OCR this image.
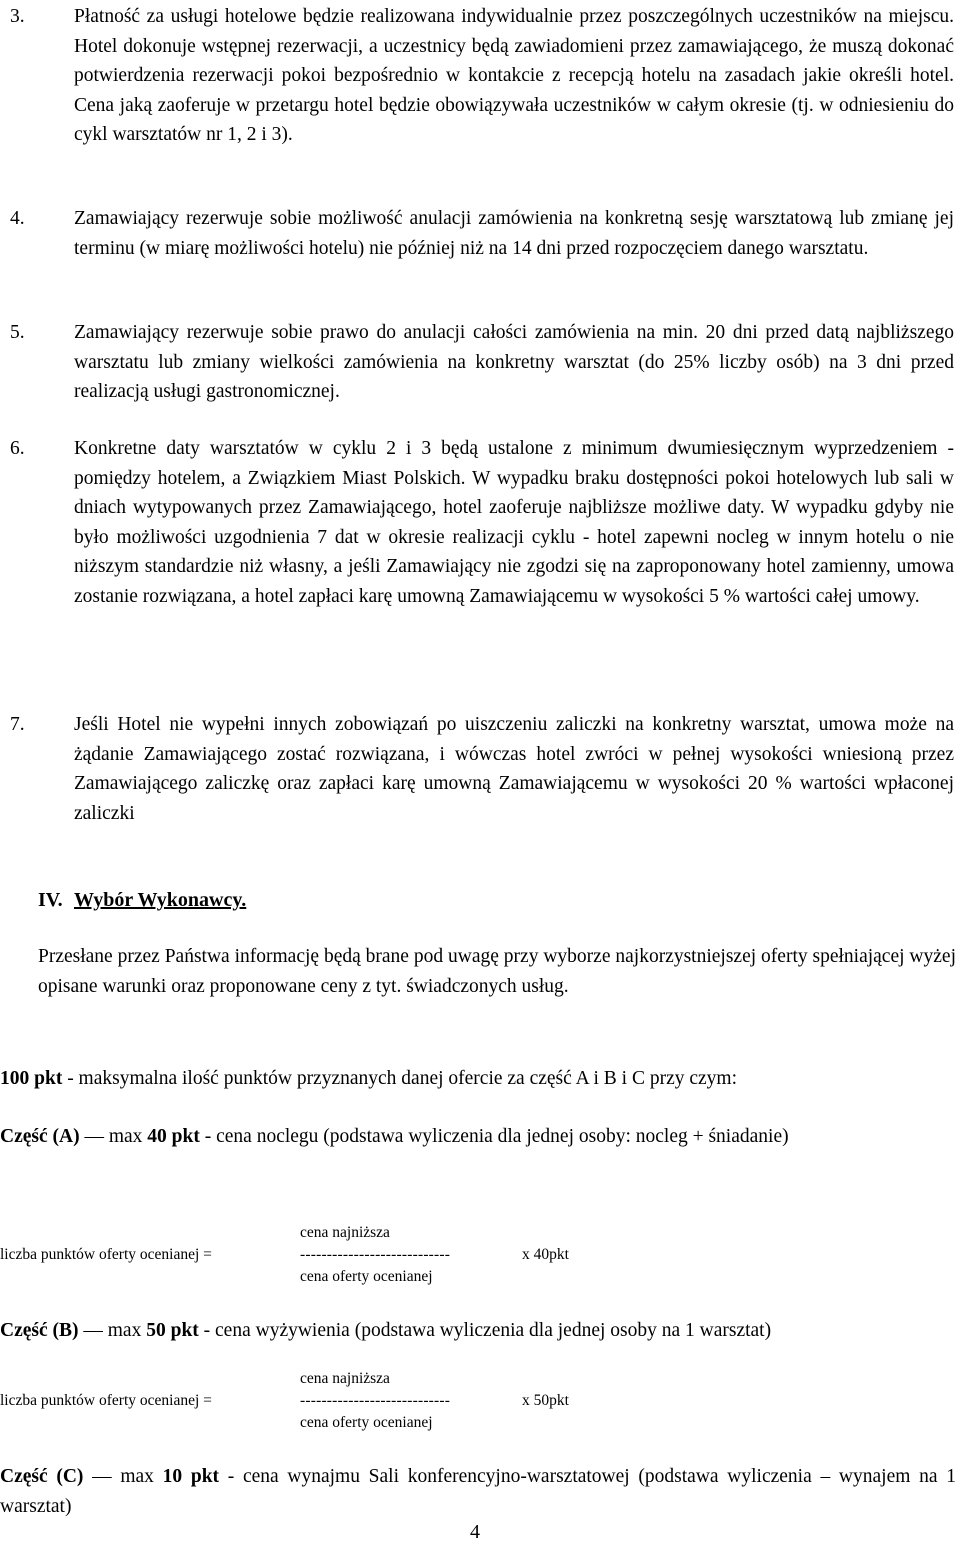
3.	Płatność za usługi hotelowe będzie realizowana indywidualnie przez poszczególnych uczestników na miejscu. Hotel dokonuje wstępnej rezerwacji, a uczestnicy będą zawiadomieni przez zamawiającego, że muszą dokonać potwierdzenia rezerwacji pokoi bezpośrednio w kontakcie z recepcją hotelu na zasadach jakie określi hotel. Cena jaką zaoferuje w przetargu hotel będzie obowiązywała uczestników w całym okresie (tj. w odniesieniu do cykl warsztatów nr 1, 2 i 3).
4.	Zamawiający rezerwuje sobie możliwość anulacji zamówienia na konkretną sesję warsztatową lub zmianę jej terminu (w miarę możliwości hotelu) nie później niż na 14 dni przed rozpoczęciem danego warsztatu.
5.	Zamawiający rezerwuje sobie prawo do anulacji całości zamówienia na min. 20 dni przed datą najbliższego warsztatu lub zmiany wielkości zamówienia na konkretny warsztat (do 25% liczby osób) na 3 dni przed realizacją usługi gastronomicznej.
6.	Konkretne daty warsztatów w cyklu 2 i 3 będą ustalone z minimum dwumiesięcznym wyprzedzeniem - pomiędzy hotelem, a Związkiem Miast Polskich. W wypadku braku dostępności pokoi hotelowych lub sali w dniach wytypowanych przez Zamawiającego, hotel zaoferuje najbliższe możliwe daty. W wypadku gdyby nie było możliwości uzgodnienia 7 dat w okresie realizacji cyklu - hotel zapewni nocleg w innym hotelu o nie niższym standardzie niż własny, a jeśli Zamawiający nie zgodzi się na zaproponowany hotel zamienny, umowa zostanie rozwiązana, a hotel zapłaci karę umowną Zamawiającemu w wysokości 5 % wartości całej umowy.
7.	Jeśli Hotel nie wypełni innych zobowiązań po uiszczeniu zaliczki na konkretny warsztat, umowa może na żądanie Zamawiającego zostać rozwiązana, i wówczas hotel zwróci w pełnej wysokości wniesioną przez Zamawiającego zaliczkę oraz zapłaci karę umowną Zamawiającemu w wysokości 20 % wartości wpłaconej zaliczki
IV. Wybór Wykonawcy.
Przesłane przez Państwa informację będą brane pod uwagę przy wyborze najkorzystniejszej oferty spełniającej wyżej opisane warunki oraz proponowane ceny z tyt. świadczonych usług.
100 pkt - maksymalna ilość punktów przyznanych danej ofercie za część A i B i C przy czym:
Część (A) — max 40 pkt - cena noclegu (podstawa wyliczenia dla jednej osoby: nocleg + śniadanie)
liczba punktów oferty ocenianej =
cena najniższa
----------------------------
cena oferty ocenianej
x 40pkt
Część (B) — max 50 pkt - cena wyżywienia (podstawa wyliczenia dla jednej osoby na 1 warsztat)
liczba punktów oferty ocenianej =
cena najniższa
----------------------------
cena oferty ocenianej
x 50pkt
Część (C) — max 10 pkt - cena wynajmu Sali konferencyjno-warsztatowej (podstawa wyliczenia – wynajem na 1 warsztat)
4
